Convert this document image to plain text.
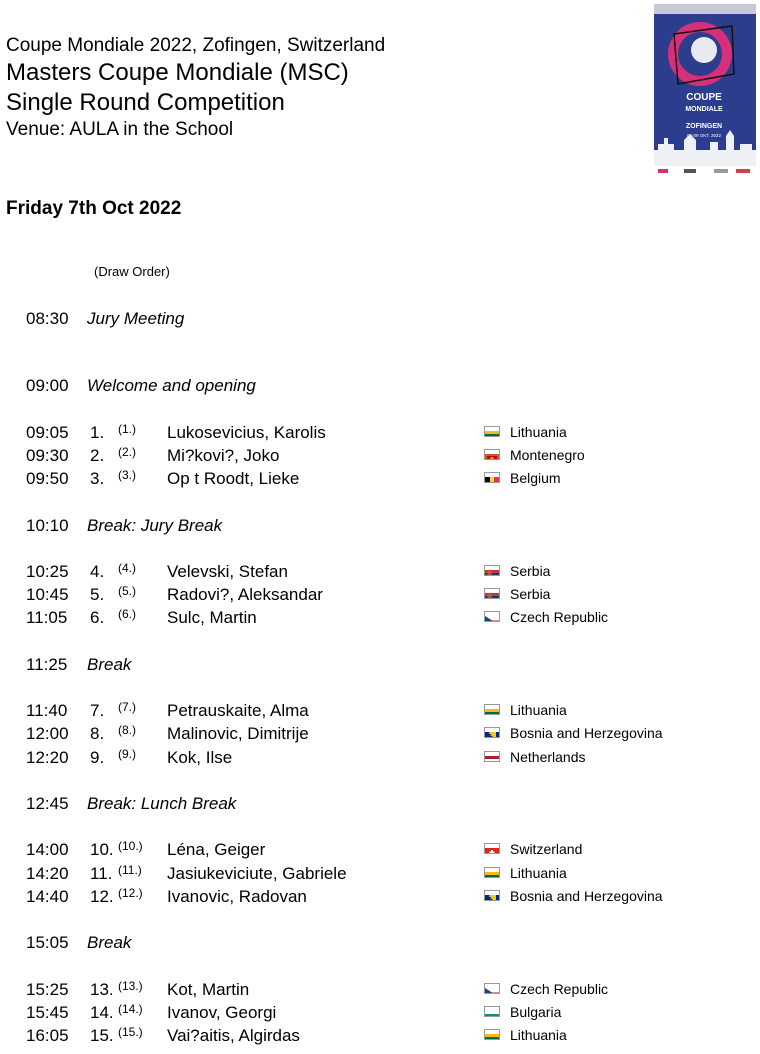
Coupe Mondiale 2022, Zofingen, Switzerland
Masters Coupe Mondiale (MSC)
Single Round Competition
Venue: AULA in the School
COUPE
MONDIALE
ZOFINGEN
04-09 OKT. 2022
Friday 7th Oct 2022
(Draw Order)
08:30 Jury Meeting
09:00 Welcome and opening
09:05 1. (1.) Lukosevicius, Karolis	Lithuania
09:30 2. (2.) Mi?kovi?, Joko	Montenegro
09:50 3. (3.) Op t Roodt, Lieke	Belgium
10:10 Break: Jury Break
10:25 4. (4.) Velevski, Stefan	Serbia
10:45 5. (5.) Radovi?, Aleksandar	Serbia
11:05 6. (6.) Sulc, Martin	Czech Republic
11:25 Break
11:40 7. (7.) Petrauskaite, Alma	Lithuania
12:00 8. (8.) Malinovic, Dimitrije	Bosnia and Herzegovina
12:20 9. (9.) Kok, Ilse	Netherlands
12:45 Break: Lunch Break
14:00 10. (10.) Léna, Geiger	Switzerland
14:20 11. (11.) Jasiukeviciute, Gabriele	Lithuania
14:40 12. (12.) Ivanovic, Radovan	Bosnia and Herzegovina
15:05 Break
15:25 13. (13.) Kot, Martin	Czech Republic
15:45 14. (14.) Ivanov, Georgi	Bulgaria
16:05 15. (15.) Vai?aitis, Algirdas	Lithuania
